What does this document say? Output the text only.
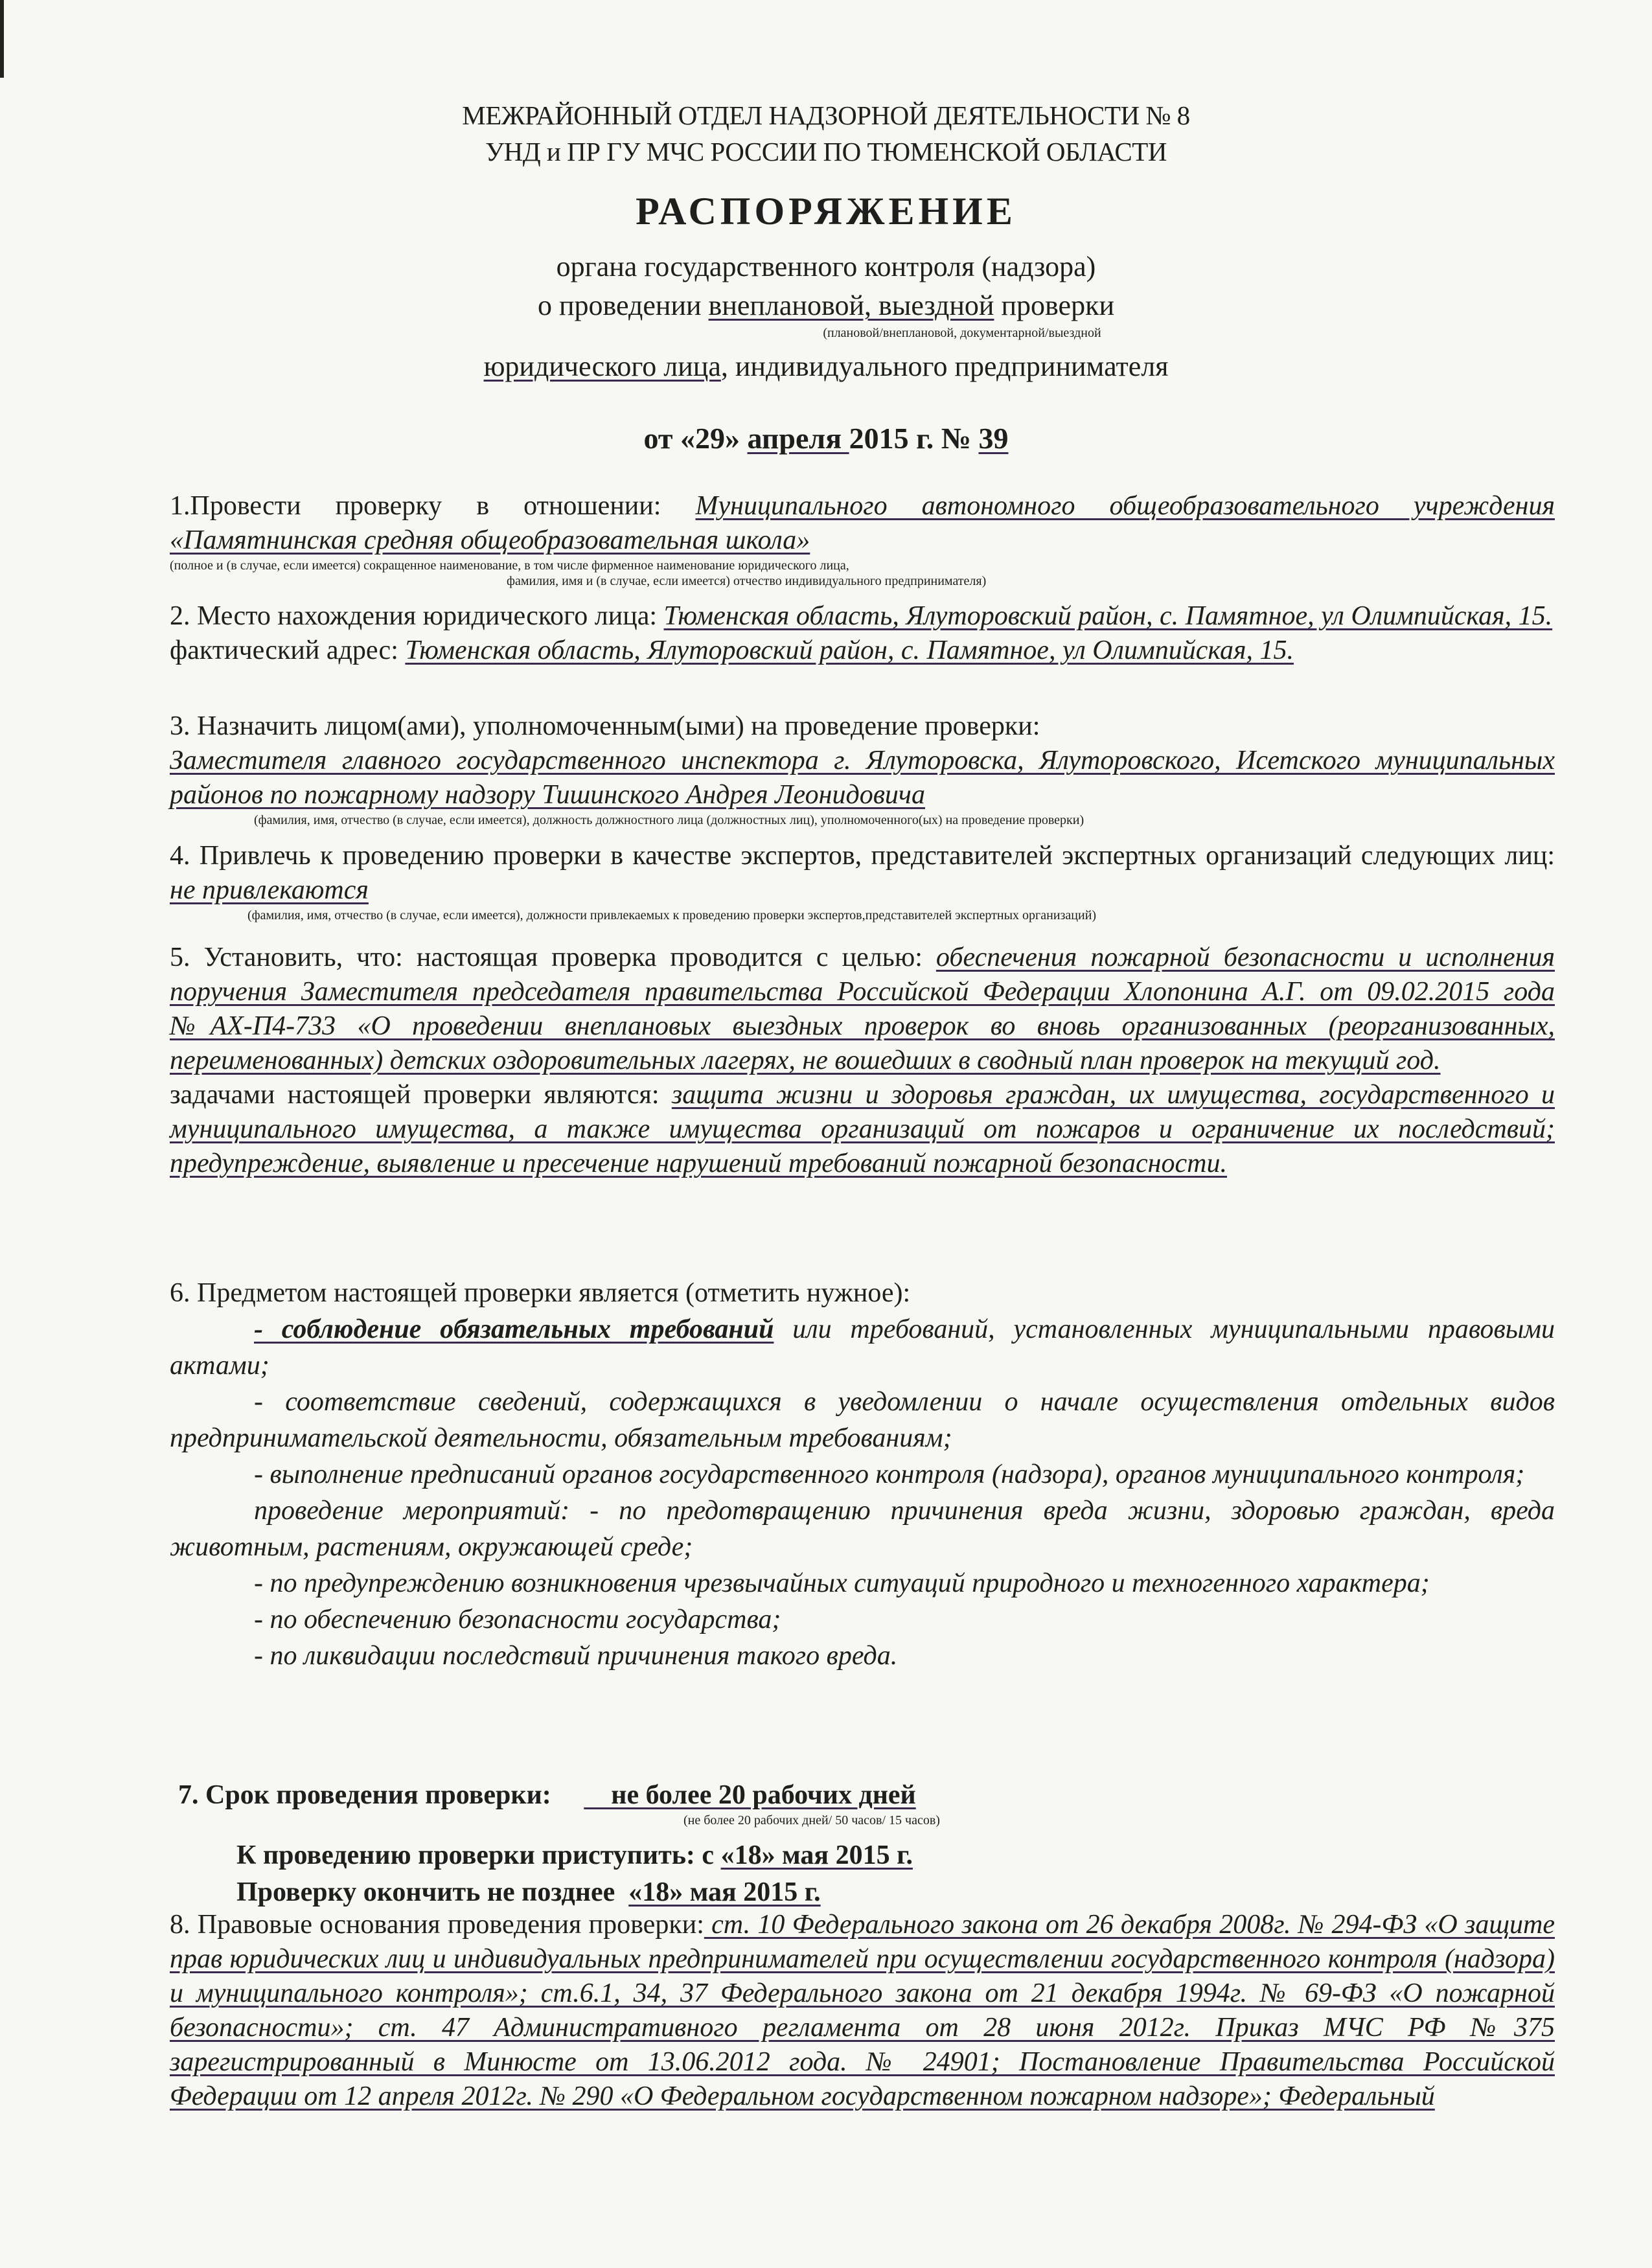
МЕЖРАЙОННЫЙ ОТДЕЛ НАДЗОРНОЙ ДЕЯТЕЛЬНОСТИ № 8
УНД и ПР ГУ МЧС РОССИИ ПО ТЮМЕНСКОЙ ОБЛАСТИ
РАСПОРЯЖЕНИЕ
органа государственного контроля (надзора)
о проведении внеплановой, выездной проверки
(плановой/внеплановой, документарной/выездной
юридического лица, индивидуального предпринимателя
от «29» апреля 2015 г. № 39

1.Провести проверку в отношении: Муниципального автономного общеобразовательного учреждения «Памятнинская средняя общеобразовательная школа»

(полное и (в случае, если имеется) сокращенное наименование, в том числе фирменное наименование юридического лица,
фамилия, имя и (в случае, если имеется) отчество индивидуального предпринимателя)

2. Место нахождения юридического лица: Тюменская область, Ялуторовский район, с. Памятное, ул Олимпийская, 15.

фактический адрес: Тюменская область, Ялуторовский район, с. Памятное, ул Олимпийская, 15.

3. Назначить лицом(ами), уполномоченным(ыми) на проведение проверки:

Заместителя главного государственного инспектора г. Ялуторовска, Ялуторовского, Исетского муниципальных районов по пожарному надзору Тишинского Андрея Леонидовича

(фамилия, имя, отчество (в случае, если имеется), должность должностного лица (должностных лиц), уполномоченного(ых) на проведение проверки)

4. Привлечь к проведению проверки в качестве экспертов, представителей экспертных организаций следующих лиц: не привлекаются

(фамилия, имя, отчество (в случае, если имеется), должности привлекаемых к проведению проверки экспертов,представителей экспертных организаций)

5. Установить, что: настоящая проверка проводится с целью: обеспечения пожарной безопасности и исполнения поручения Заместителя председателя правительства Российской Федерации Хлопонина А.Г. от 09.02.2015 года №АХ-П4-733 «О проведении внеплановых выездных проверок во вновь организованных (реорганизованных, переименованных) детских оздоровительных лагерях, не вошедших в сводный план проверок на текущий год.

задачами настоящей проверки являются: защита жизни и здоровья граждан, их имущества, государственного и муниципального имущества, а также имущества организаций от пожаров и ограничение их последствий; предупреждение, выявление и пресечение нарушений требований пожарной безопасности.

6. Предметом настоящей проверки является (отметить нужное):

- соблюдение обязательных требований или требований, установленных муниципальными правовыми актами;

- соответствие сведений, содержащихся в уведомлении о начале осуществления отдельных видов предпринимательской деятельности, обязательным требованиям;

- выполнение предписаний органов государственного контроля (надзора), органов муниципального контроля;

проведение мероприятий: - по предотвращению причинения вреда жизни, здоровью граждан, вреда животным, растениям, окружающей среде;

- по предупреждению возникновения чрезвычайных ситуаций природного и техногенного характера;

- по обеспечению безопасности государства;

- по ликвидации последствий причинения такого вреда.

7. Срок проведения проверки:     не более 20 рабочих дней
(не более 20 рабочих дней/ 50 часов/ 15 часов)
К проведению проверки приступить: с «18» мая 2015 г.
Проверку окончить не позднее  «18» мая 2015 г.

8. Правовые основания проведения проверки: ст. 10 Федерального закона от 26 декабря 2008г. № 294-ФЗ «О защите прав юридических лиц и индивидуальных предпринимателей при осуществлении государственного контроля (надзора) и муниципального контроля»; ст.6.1, 34, 37 Федерального закона от 21 декабря 1994г. № 69-ФЗ «О пожарной безопасности»; ст. 47 Административного регламента от 28 июня 2012г. Приказ МЧС РФ №375 зарегистрированный в Минюсте от 13.06.2012 года. № 24901; Постановление Правительства Российской Федерации от 12 апреля 2012г. № 290 «О Федеральном государственном пожарном надзоре»; Федеральный
